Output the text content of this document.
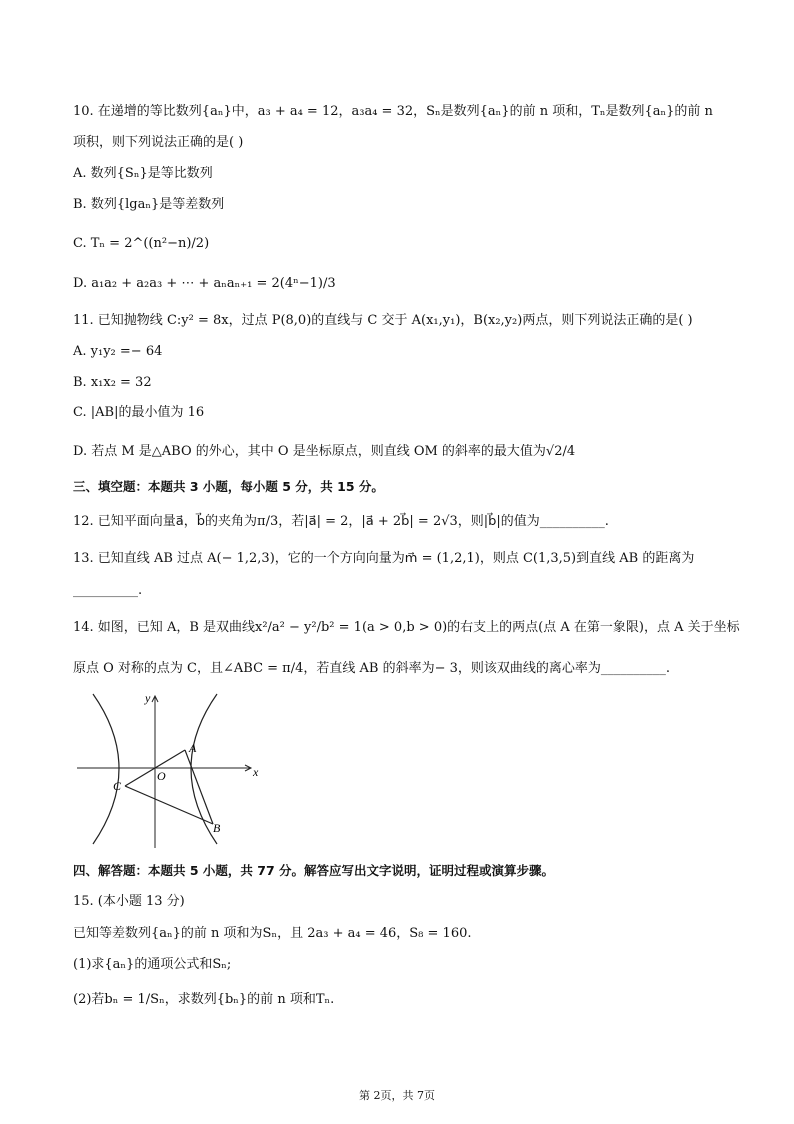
10. 在递增的等比数列{aₙ}中，a₃ + a₄ = 12，a₃a₄ = 32，Sₙ是数列{aₙ}的前 n 项和，Tₙ是数列{aₙ}的前 n
项积，则下列说法正确的是( )
A. 数列{Sₙ}是等比数列
B. 数列{lgaₙ}是等差数列
C. Tₙ = 2^((n²−n)/2)
D. a₁a₂ + a₂a₃ + ⋯ + aₙaₙ₊₁ = 2(4ⁿ−1)/3
11. 已知抛物线 C:y² = 8x，过点 P(8,0)的直线与 C 交于 A(x₁,y₁)，B(x₂,y₂)两点，则下列说法正确的是( )
A. y₁y₂ =− 64
B. x₁x₂ = 32
C. |AB|的最小值为 16
D. 若点 M 是△ABO 的外心，其中 O 是坐标原点，则直线 OM 的斜率的最大值为√2/4
三、填空题：本题共 3 小题，每小题 5 分，共 15 分。
12. 已知平面向量a⃗，b⃗的夹角为π/3，若|a⃗| = 2，|a⃗ + 2b⃗| = 2√3，则|b⃗|的值为__________.
13. 已知直线 AB 过点 A(− 1,2,3)，它的一个方向向量为m⃗ = (1,2,1)，则点 C(1,3,5)到直线 AB 的距离为
__________.
14. 如图，已知 A，B 是双曲线x²/a² − y²/b² = 1(a > 0,b > 0)的右支上的两点(点 A 在第一象限)，点 A 关于坐标
原点 O 对称的点为 C，且∠ABC = π/4，若直线 AB 的斜率为− 3，则该双曲线的离心率为__________.
y
x
O
A
B
C
四、解答题：本题共 5 小题，共 77 分。解答应写出文字说明，证明过程或演算步骤。
15. (本小题 13 分)
已知等差数列{aₙ}的前 n 项和为Sₙ，且 2a₃ + a₄ = 46，S₈ = 160.
(1)求{aₙ}的通项公式和Sₙ;
(2)若bₙ = 1/Sₙ，求数列{bₙ}的前 n 项和Tₙ.
第 2页，共 7页
